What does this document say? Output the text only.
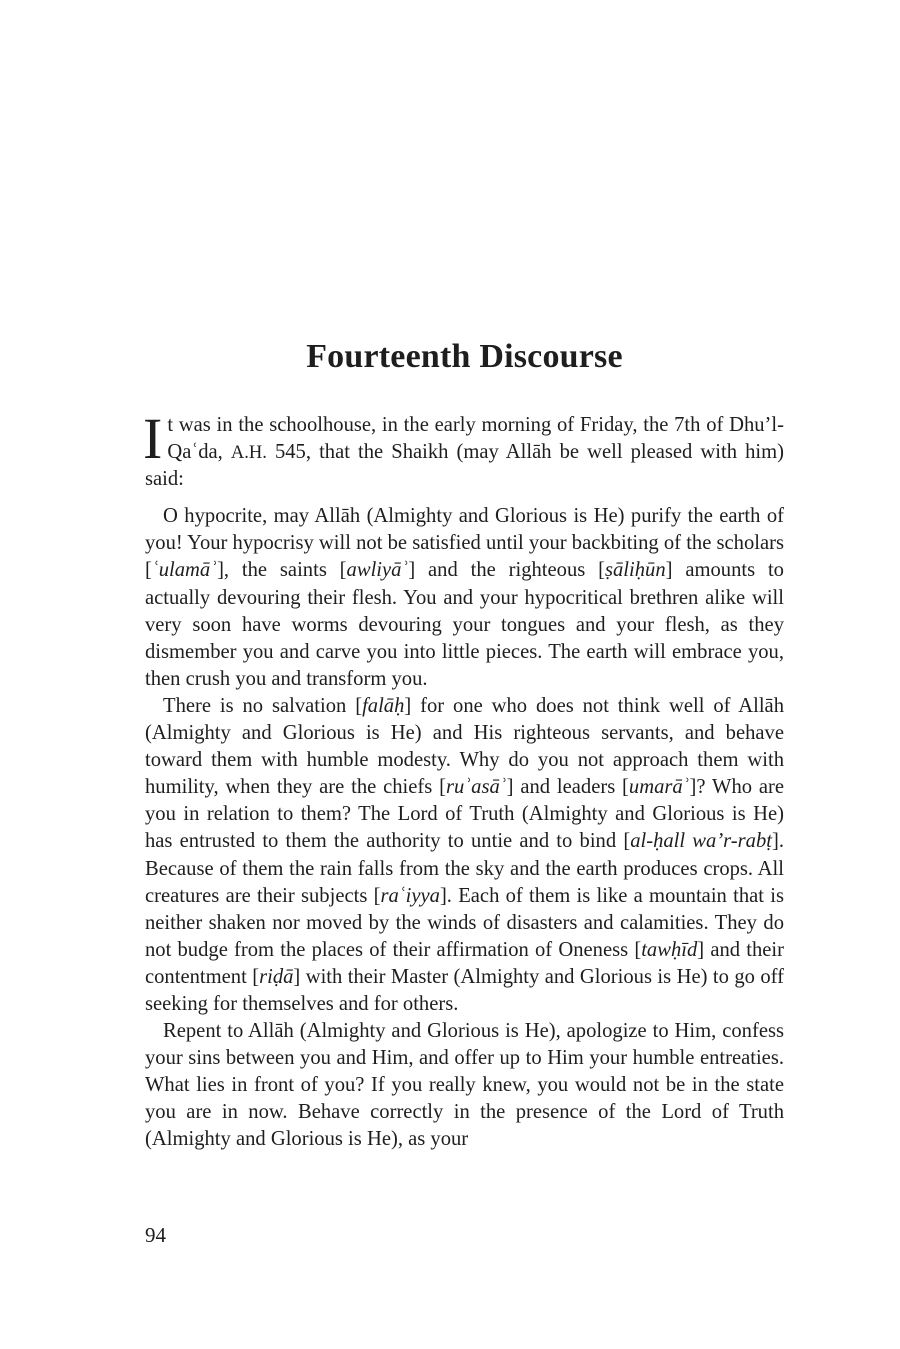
Fourteenth Discourse

It was in the schoolhouse, in the early morning of Friday, the 7th of Dhu’l-Qaʿda, A.H. 545, that the Shaikh (may Allāh be well pleased with him) said:

O hypocrite, may Allāh (Almighty and Glorious is He) purify the earth of you! Your hypocrisy will not be satisfied until your backbiting of the scholars [ʿulamāʾ], the saints [awliyāʾ] and the righteous [ṣāliḥūn] amounts to actually devouring their flesh. You and your hypocritical brethren alike will very soon have worms devouring your tongues and your flesh, as they dismember you and carve you into little pieces. The earth will embrace you, then crush you and transform you.

There is no salvation [falāḥ] for one who does not think well of Allāh (Almighty and Glorious is He) and His righteous servants, and behave toward them with humble modesty. Why do you not approach them with humility, when they are the chiefs [ruʾasāʾ] and leaders [umarāʾ]? Who are you in relation to them? The Lord of Truth (Almighty and Glorious is He) has entrusted to them the authority to untie and to bind [al-ḥall wa’r-rabṭ]. Because of them the rain falls from the sky and the earth produces crops. All creatures are their subjects [raʿiyya]. Each of them is like a mountain that is neither shaken nor moved by the winds of disasters and calamities. They do not budge from the places of their affirmation of Oneness [tawḥīd] and their contentment [riḍā] with their Master (Almighty and Glorious is He) to go off seeking for themselves and for others.

Repent to Allāh (Almighty and Glorious is He), apologize to Him, confess your sins between you and Him, and offer up to Him your humble entreaties. What lies in front of you? If you really knew, you would not be in the state you are in now. Behave correctly in the presence of the Lord of Truth (Almighty and Glorious is He), as your

94
